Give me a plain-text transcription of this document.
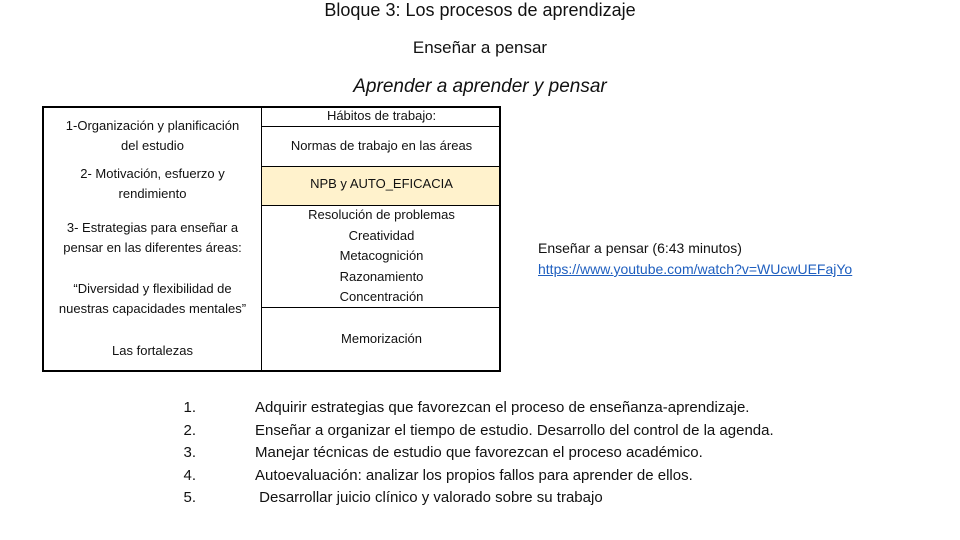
Bloque 3: Los procesos de aprendizaje
Enseñar a pensar
Aprender a aprender y pensar
1-Organización y planificación
del estudio
2- Motivación, esfuerzo y
rendimiento
3- Estrategias para enseñar a
pensar en las diferentes áreas:
“Diversidad y flexibilidad de
nuestras capacidades mentales”
Las fortalezas
Hábitos de trabajo:
Normas de trabajo en las áreas
NPB y AUTO_EFICACIA
Resolución de problemas
Creatividad
Metacognición
Razonamiento
Concentración
Memorización
Enseñar a pensar (6:43 minutos)
https://www.youtube.com/watch?v=WUcwUEFajYo
1.
2.
3.
4.
5.
Adquirir estrategias que favorezcan el proceso de enseñanza-aprendizaje.
Enseñar a organizar el tiempo de estudio. Desarrollo del control de la agenda.
Manejar técnicas de estudio que favorezcan el proceso académico.
Autoevaluación: analizar los propios fallos para aprender de ellos.
Desarrollar juicio clínico y valorado sobre su trabajo
